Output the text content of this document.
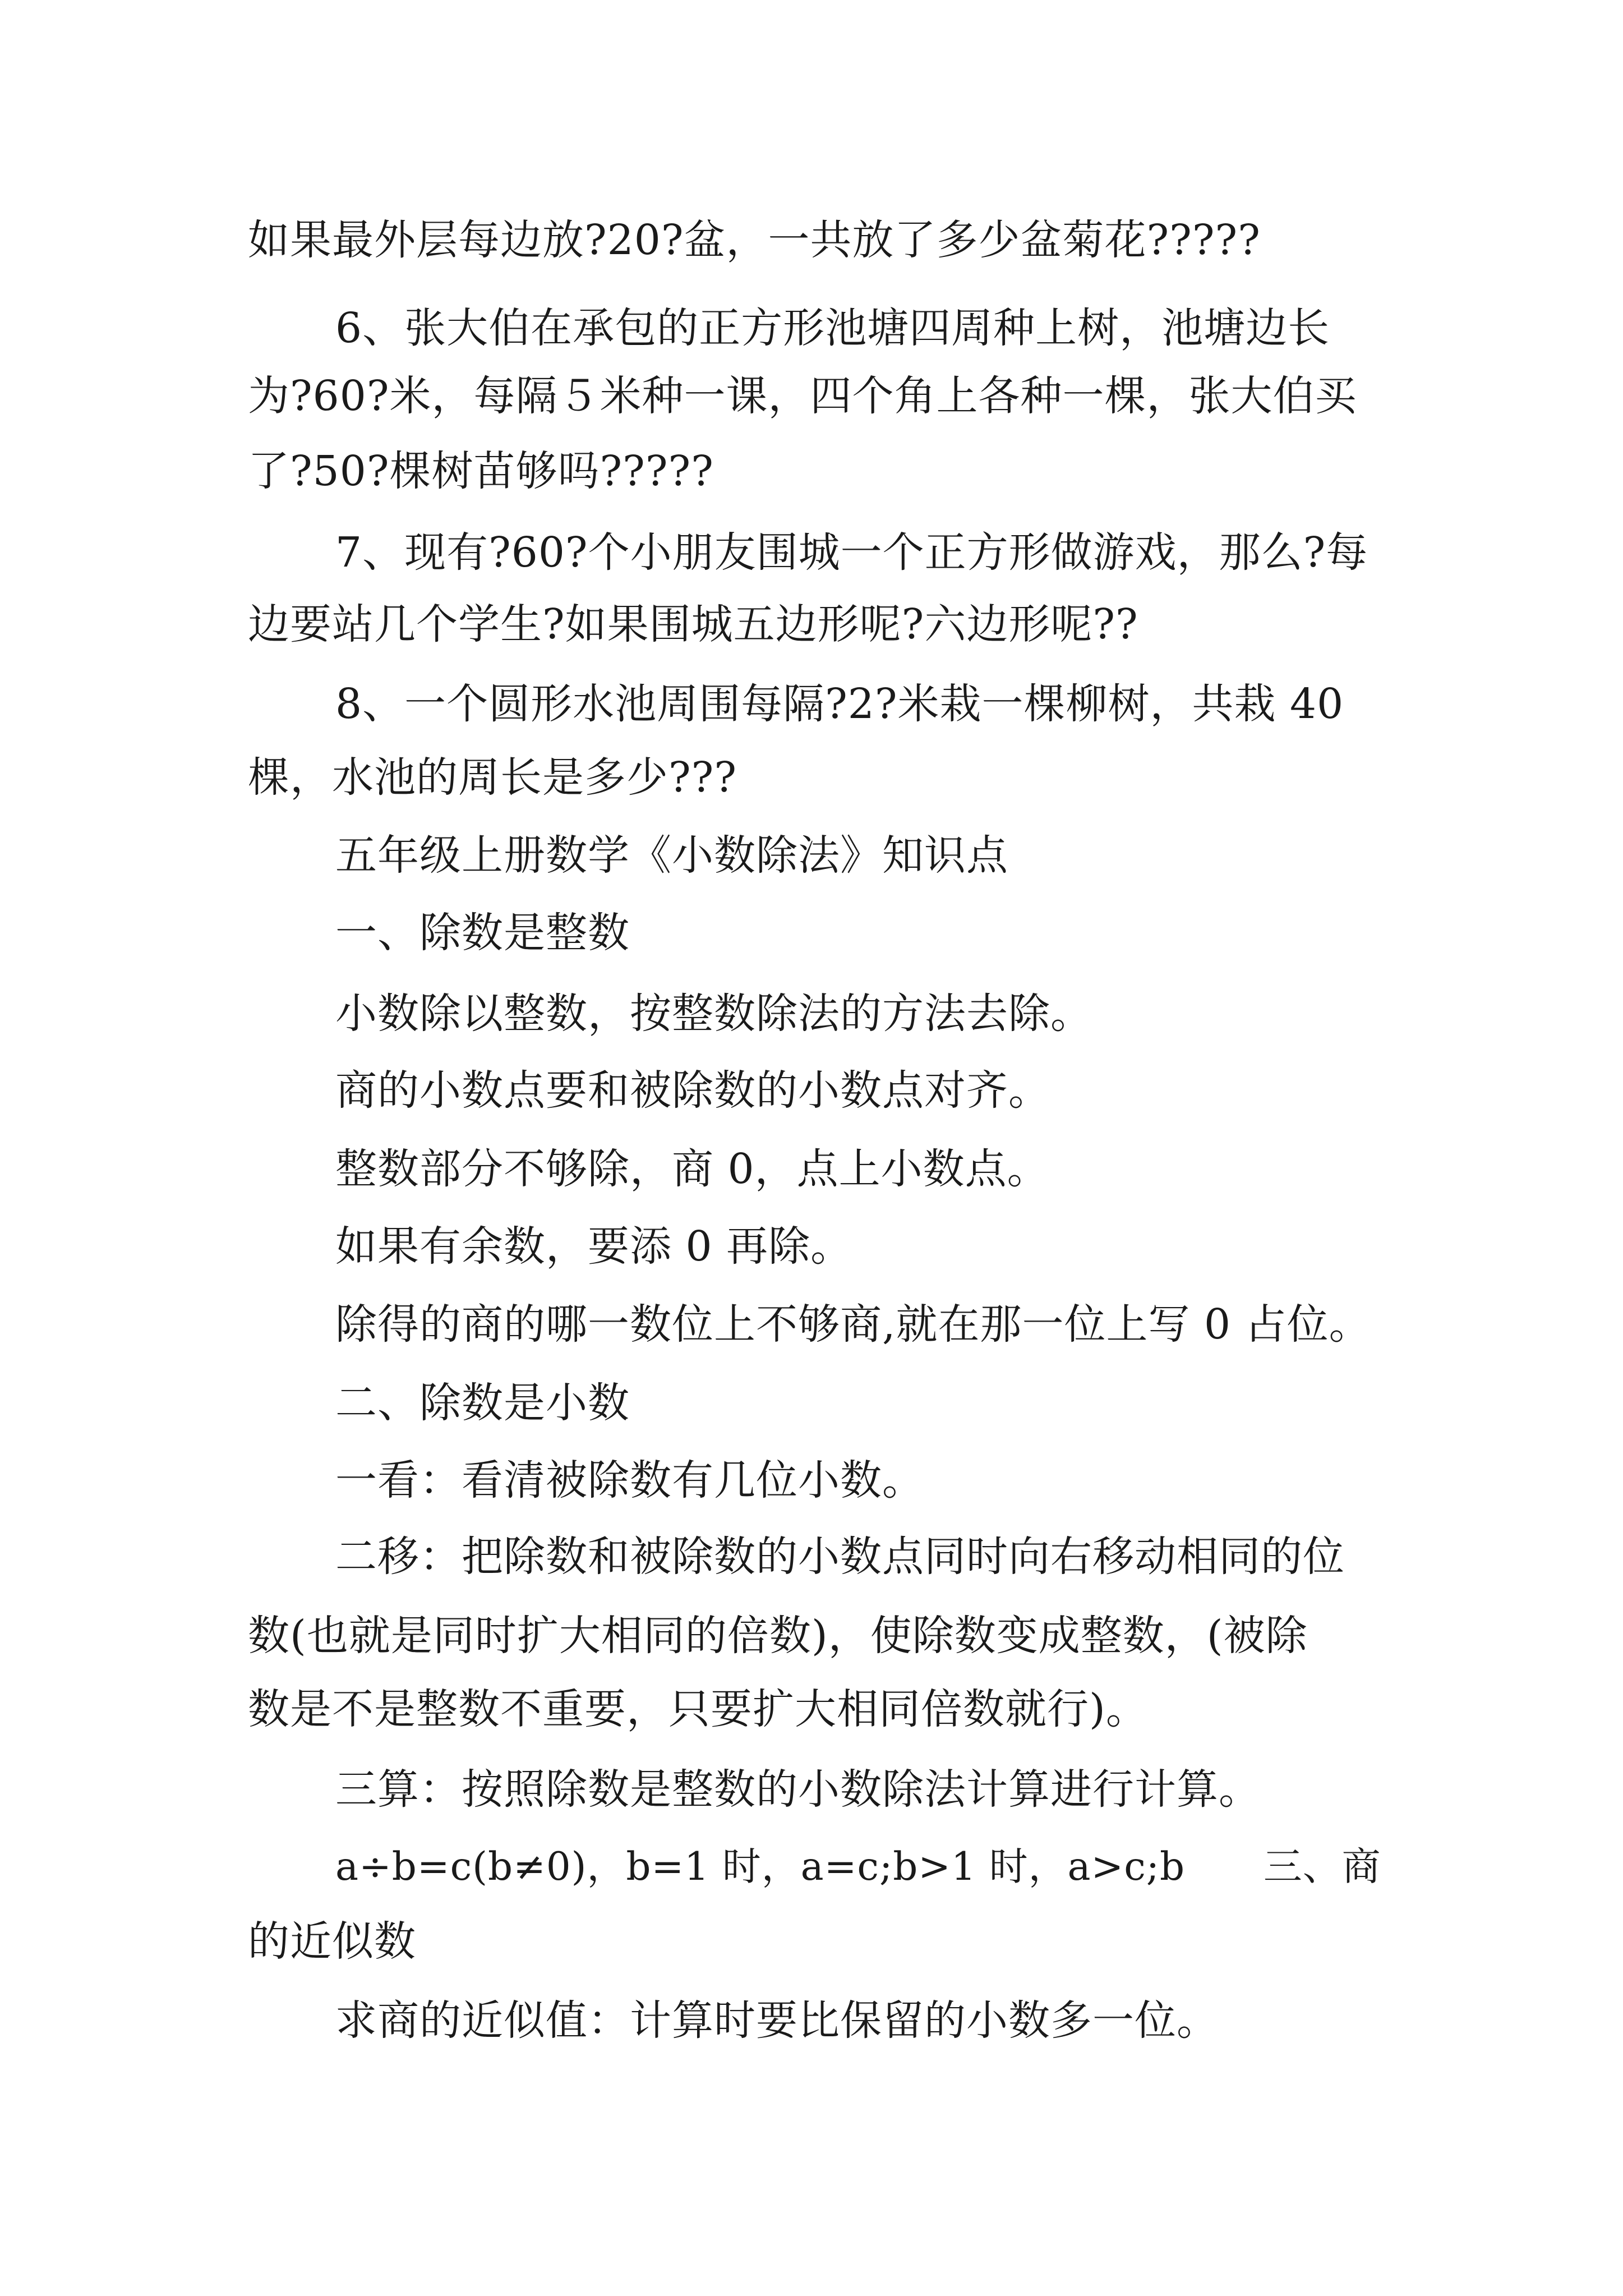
如果最外层每边放?20?盆，一共放了多少盆菊花?????
6、张大伯在承包的正方形池塘四周种上树，池塘边长
为?60?米，每隔５米种一课，四个角上各种一棵，张大伯买
了?50?棵树苗够吗?????
7、现有?60?个小朋友围城一个正方形做游戏，那么?每
边要站几个学生?如果围城五边形呢?六边形呢??
8、一个圆形水池周围每隔?2?米栽一棵柳树，共栽 40
棵，水池的周长是多少???
五年级上册数学《小数除法》知识点
一、除数是整数
小数除以整数，按整数除法的方法去除。
商的小数点要和被除数的小数点对齐。
整数部分不够除，商 0，点上小数点。
如果有余数，要添 0 再除。
除得的商的哪一数位上不够商,就在那一位上写 0 占位。
二、除数是小数
一看：看清被除数有几位小数。
二移：把除数和被除数的小数点同时向右移动相同的位
数(也就是同时扩大相同的倍数)，使除数变成整数，(被除
数是不是整数不重要，只要扩大相同倍数就行)。
三算：按照除数是整数的小数除法计算进行计算。
a÷b=c(b≠0)，b=1 时，a=c;b>1 时，a>c;b　　三、商
的近似数
求商的近似值：计算时要比保留的小数多一位。
